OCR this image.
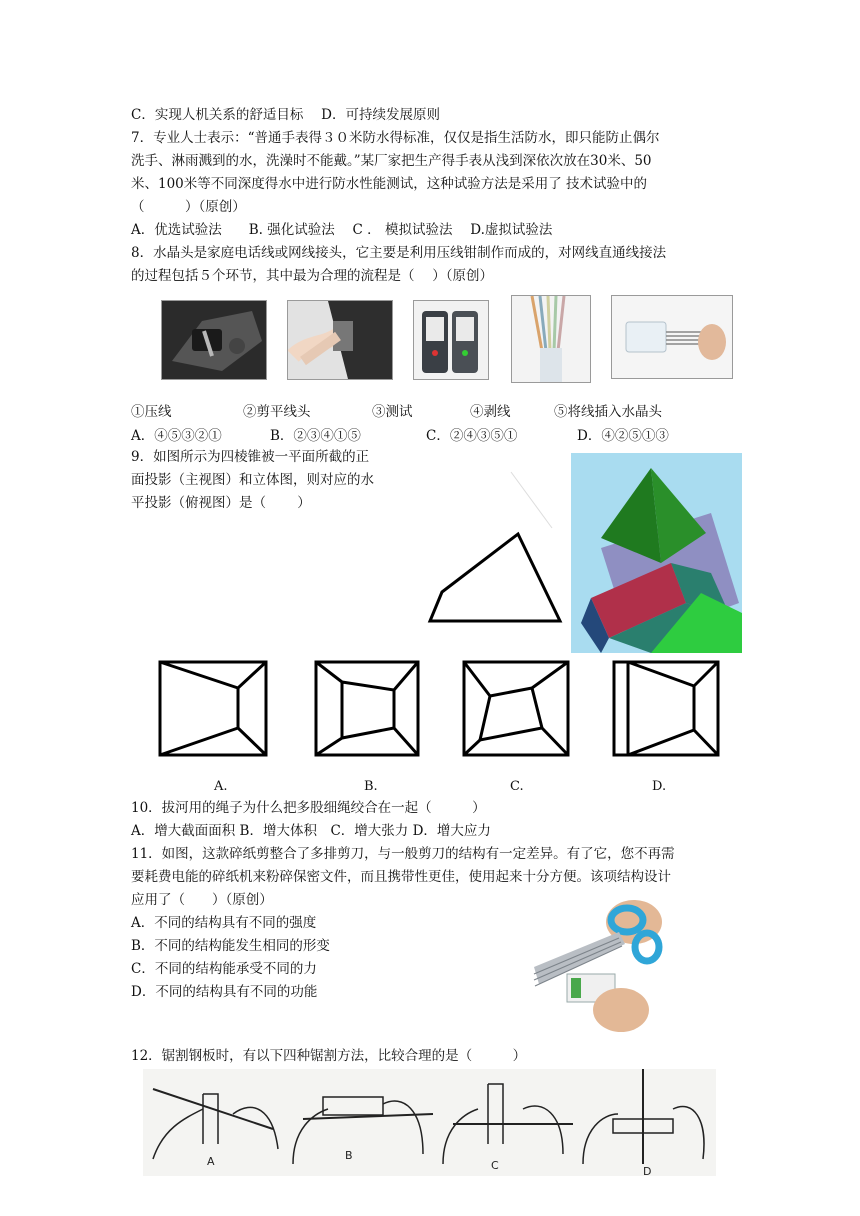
C．实现人机关系的舒适目标　 D．可持续发展原则
7．专业人士表示：“普通手表得３０米防水得标准，仅仅是指生活防水，即只能防止偶尔
洗手、淋雨溅到的水，洗澡时不能戴。”某厂家把生产得手表从浅到深依次放在30米、50
米、100米等不同深度得水中进行防水性能测试，这种试验方法是采用了 技术试验中的
（　　　）（原创）
A．优选试验法　　B. 强化试验法　 C ． 模拟试验法　 D.虚拟试验法
8．水晶头是家庭电话线或网线接头，它主要是利用压线钳制作而成的，对网线直通线接法
的过程包括５个环节，其中最为合理的流程是（　 ）（原创）
①压线	②剪平线头	③测试	④剥线	⑤将线插入水晶头
A．④⑤③②①	B．②③④①⑤	C．②④③⑤①	D．④②⑤①③
9．如图所示为四棱锥被一平面所截的正
面投影（主视图）和立体图，则对应的水
平投影（俯视图）是（　　 ）
A.	B.	C.	D.
10．拔河用的绳子为什么把多股细绳绞合在一起（　　　）
A．增大截面面积 B．增大体积　C．增大张力 D．增大应力
11．如图，这款碎纸剪整合了多排剪刀，与一般剪刀的结构有一定差异。有了它，您不再需
要耗费电能的碎纸机来粉碎保密文件，而且携带性更佳，使用起来十分方便。该项结构设计
应用了（　　）（原创）
A．不同的结构具有不同的强度
B．不同的结构能发生相同的形变
C．不同的结构能承受不同的力
D．不同的结构具有不同的功能
12．锯割钢板时，有以下四种锯割方法，比较合理的是（　　　）
A	B
C	D
